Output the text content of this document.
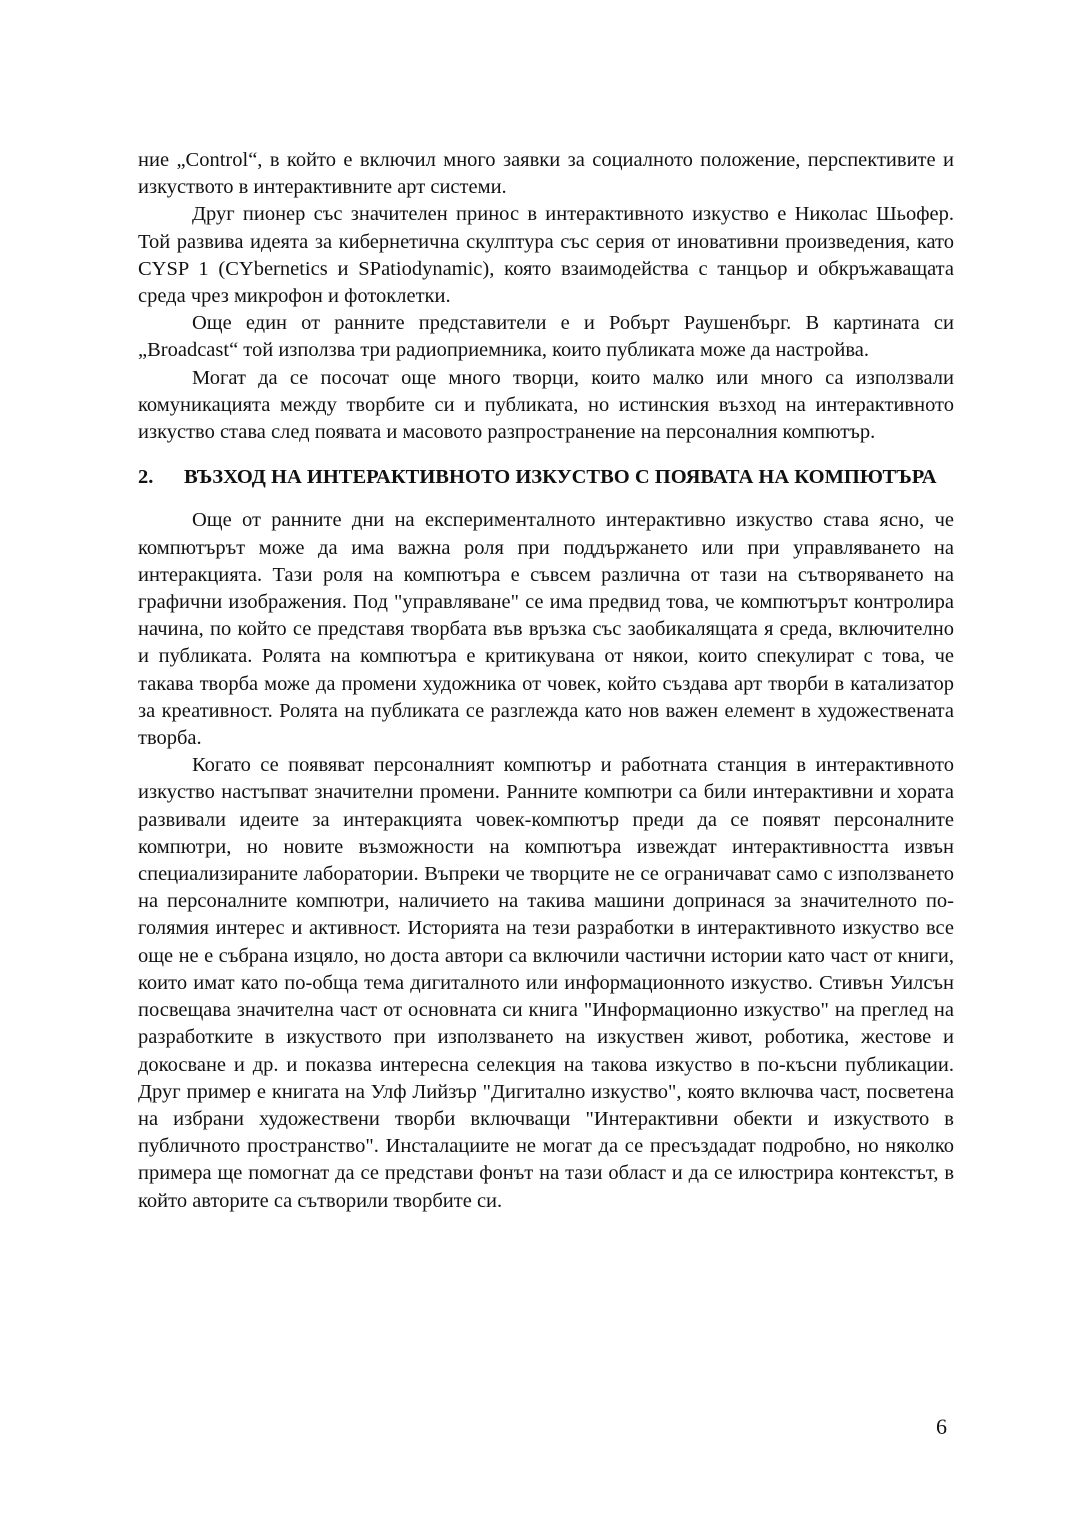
ние „Control“, в който е включил много заявки за социалното положение, перспективите и изкуството в интерактивните арт системи.

Друг пионер със значителен принос в интерактивното изкуство е Николас Шьофер. Той развива идеята за кибернетична скулптура със серия от иновативни произведения, като CYSP 1 (CYbernetics и SPatiodynamic), която взаимодейства с танцьор и обкръжаващата среда чрез микрофон и фотоклетки.

Още един от ранните представители е и Робърт Раушенбърг. В картината си „Broadcast“ той използва три радиоприемника, които публиката може да настройва.

Могат да се посочат още много творци, които малко или много са използвали комуникацията между творбите си и публиката, но истинския възход на интерактивното изкуство става след появата и масовото разпространение на персоналния компютър.

2.	ВЪЗХОД НА ИНТЕРАКТИВНОТО ИЗКУСТВО С ПОЯВАТА НА КОМПЮТЪРА

Още от ранните дни на експерименталното интерактивно изкуство става ясно, че компютърът може да има важна роля при поддържането или при управляването на интеракцията. Тази роля на компютъра е съвсем различна от тази на сътворяването на графични изображения. Под "управляване" се има предвид това, че компютърът контролира начина, по който се представя творбата във връзка със заобикалящата я среда, включително и публиката. Ролята на компютъра е критикувана от някои, които спекулират с това, че такава творба може да промени художника от човек, който създава арт творби в катализатор за креативност. Ролята на публиката се разглежда като нов важен елемент в художествената творба.

Когато се появяват персоналният компютър и работната станция в интерактивното изкуство настъпват значителни промени. Ранните компютри са били интерактивни и хората развивали идеите за интеракцията човек-компютър преди да се появят персоналните компютри, но новите възможности на компютъра извеждат интерактивността извън специализираните лаборатории. Въпреки че творците не се ограничават само с използването на персоналните компютри, наличието на такива машини допринася за значителното по-голямия интерес и активност. Историята на тези разработки в интерактивното изкуство все още не е събрана изцяло, но доста автори са включили частични истории като част от книги, които имат като по-обща тема дигиталното или информационното изкуство. Стивън Уилсън посвещава значителна част от основната си книга "Информационно изкуство" на преглед на разработките в изкуството при използването на изкуствен живот, роботика, жестове и докосване и др. и показва интересна селекция на такова изкуство в по-късни публикации. Друг пример е книгата на Улф Лийзър "Дигитално изкуство", която включва част, посветена на избрани художествени творби включващи "Интерактивни обекти и изкуството в публичното пространство". Инсталациите не могат да се пресъздадат подробно, но няколко примера ще помогнат да се представи фонът на тази област и да се илюстрира контекстът, в който авторите са сътворили творбите си.

6
